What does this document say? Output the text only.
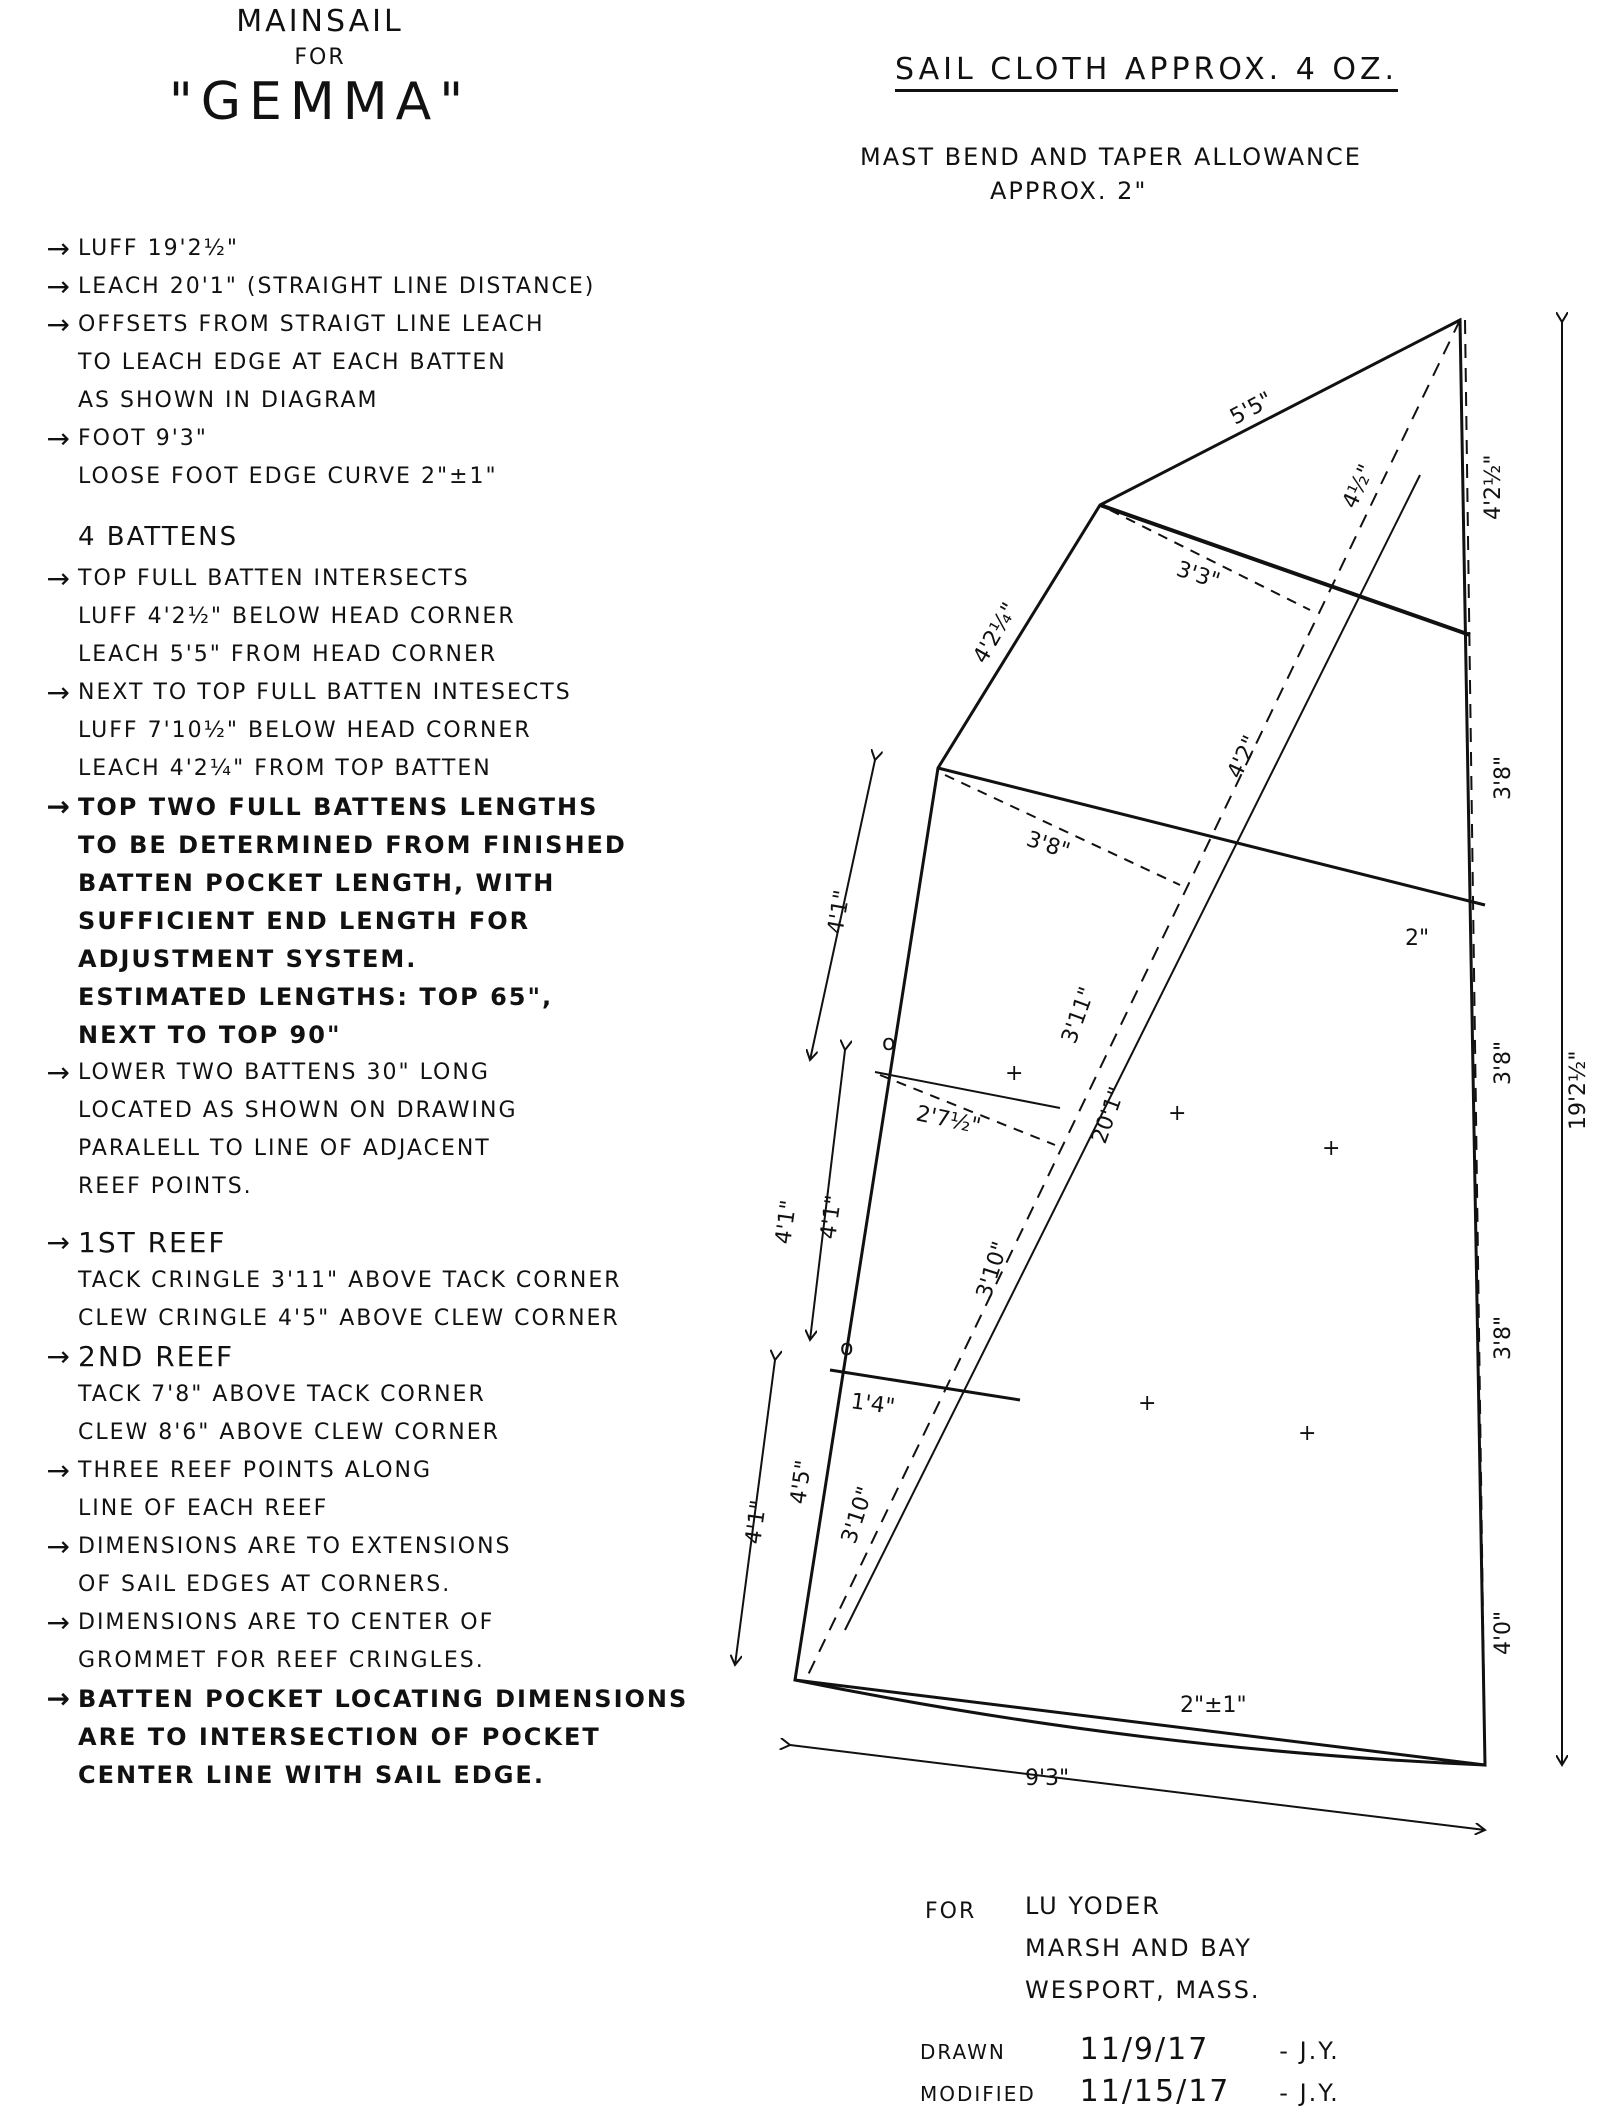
MAINSAIL
FOR
"GEMMA"
SAIL CLOTH APPROX. 4 OZ.
MAST BEND AND TAPER ALLOWANCE
APPROX. 2"
→ LUFF 19'2½"
→ LEACH 20'1" (STRAIGHT LINE DISTANCE)
→ OFFSETS FROM STRAIGT LINE LEACH
TO LEACH EDGE AT EACH BATTEN
AS SHOWN IN DIAGRAM
→ FOOT 9'3"
LOOSE FOOT EDGE CURVE 2"±1"
4 BATTENS
→ TOP FULL BATTEN INTERSECTS
LUFF 4'2½" BELOW HEAD CORNER
LEACH 5'5" FROM HEAD CORNER
→ NEXT TO TOP FULL BATTEN INTESECTS
LUFF 7'10½" BELOW HEAD CORNER
LEACH 4'2¼" FROM TOP BATTEN
→ TOP TWO FULL BATTENS LENGTHS
TO BE DETERMINED FROM FINISHED
BATTEN POCKET LENGTH, WITH
SUFFICIENT END LENGTH FOR
ADJUSTMENT SYSTEM.
ESTIMATED LENGTHS: TOP 65",
NEXT TO TOP 90"
→ LOWER TWO BATTENS 30" LONG
LOCATED AS SHOWN ON DRAWING
PARALELL TO LINE OF ADJACENT
REEF POINTS.
→ 1ST REEF
TACK CRINGLE 3'11" ABOVE TACK CORNER
CLEW CRINGLE 4'5" ABOVE CLEW CORNER
→ 2ND REEF
TACK 7'8" ABOVE TACK CORNER
CLEW 8'6" ABOVE CLEW CORNER
→ THREE REEF POINTS ALONG
LINE OF EACH REEF
→ DIMENSIONS ARE TO EXTENSIONS
OF SAIL EDGES AT CORNERS.
→ DIMENSIONS ARE TO CENTER OF
GROMMET FOR REEF CRINGLES.
→ BATTEN POCKET LOCATING DIMENSIONS
ARE TO INTERSECTION OF POCKET
CENTER LINE WITH SAIL EDGE.
+
+
+
+
+
o
o
5'5"
4'2½"
4½"
3'3"
4'2¼"
4'2"	3'8"
3'8"
2"
19'2½"
4'1"
3'8"
3'11"
20'1"
2'7½"
4'1" 4'1"
3'10"
3'8"
1'4"
4'1"
4'5"
3'10"
4'0"
2"±1"
9'3"
FOR LU YODER
MARSH AND BAY
WESPORT, MASS.
DRAWN 11/9/17	- J.Y.
MODIFIED 11/15/17 - J.Y.
